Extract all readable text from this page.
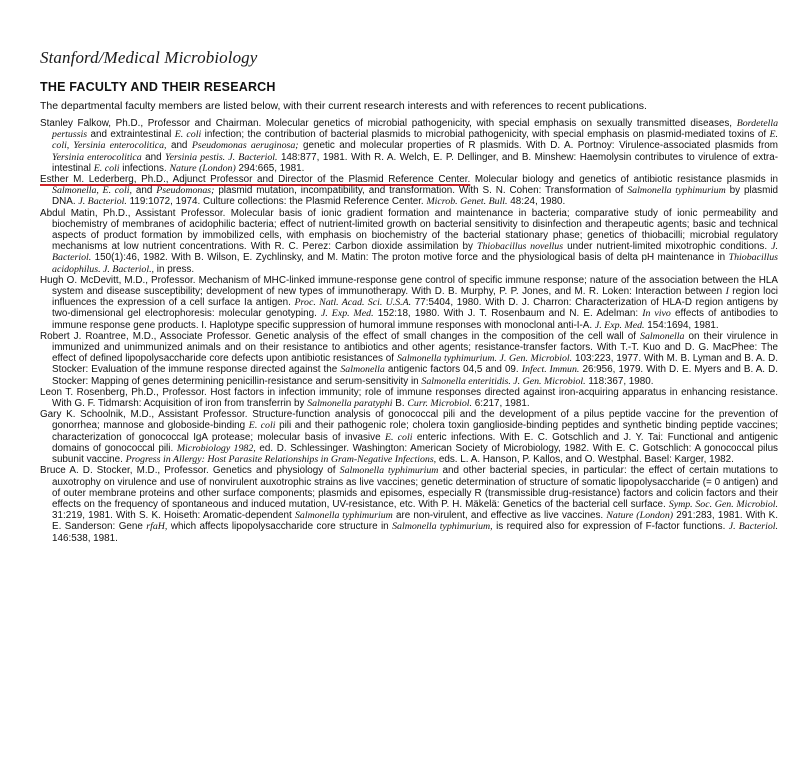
Stanford/Medical Microbiology
THE FACULTY AND THEIR RESEARCH
The departmental faculty members are listed below, with their current research interests and with references to recent publications.

Stanley Falkow, Ph.D., Professor and Chairman. Molecular genetics of microbial pathogenicity, with special emphasis on sexually transmitted diseases, Bordetella pertussis and extraintestinal E. coli infection; the contribution of bacterial plasmids to microbial pathogenicity, with special emphasis on plasmid-mediated toxins of E. coli, Yersinia enterocolitica, and Pseudomonas aeruginosa; genetic and molecular properties of R plasmids. With D. A. Portnoy: Virulence-associated plasmids from Yersinia enterocolitica and Yersinia pestis. J. Bacteriol. 148:877, 1981. With R. A. Welch, E. P. Dellinger, and B. Minshew: Haemolysin contributes to virulence of extra-intestinal E. coli infections. Nature (London) 294:665, 1981.

Esther M. Lederberg, Ph.D., Adjunct Professor and Director of the Plasmid Reference Center. Molecular biology and genetics of antibiotic resistance plasmids in Salmonella, E. coli, and Pseudomonas; plasmid mutation, incompatibility, and transformation. With S. N. Cohen: Transformation of Salmonella typhimurium by plasmid DNA. J. Bacteriol. 119:1072, 1974. Culture collections: the Plasmid Reference Center. Microb. Genet. Bull. 48:24, 1980.

Abdul Matin, Ph.D., Assistant Professor. Molecular basis of ionic gradient formation and maintenance in bacteria; comparative study of ionic permeability and biochemistry of membranes of acidophilic bacteria; effect of nutrient-limited growth on bacterial sensitivity to disinfection and therapeutic agents; basic and technical aspects of product formation by immobilized cells, with emphasis on biochemistry of the bacterial stationary phase; genetics of thiobacilli; microbial regulatory mechanisms at low nutrient concentrations. With R. C. Perez: Carbon dioxide assimilation by Thiobacillus novellus under nutrient-limited mixotrophic conditions. J. Bacteriol. 150(1):46, 1982. With B. Wilson, E. Zychlinsky, and M. Matin: The proton motive force and the physiological basis of delta pH maintenance in Thiobacillus acidophilus. J. Bacteriol., in press.

Hugh O. McDevitt, M.D., Professor. Mechanism of MHC-linked immune-response gene control of specific immune response; nature of the association between the HLA system and disease susceptibility; development of new types of immunotherapy. With D. B. Murphy, P. P. Jones, and M. R. Loken: Interaction between I region loci influences the expression of a cell surface Ia antigen. Proc. Natl. Acad. Sci. U.S.A. 77:5404, 1980. With D. J. Charron: Characterization of HLA-D region antigens by two-dimensional gel electrophoresis: molecular genotyping. J. Exp. Med. 152:18, 1980. With J. T. Rosenbaum and N. E. Adelman: In vivo effects of antibodies to immune response gene products. I. Haplotype specific suppression of humoral immune responses with monoclonal anti-I-A. J. Exp. Med. 154:1694, 1981.

Robert J. Roantree, M.D., Associate Professor. Genetic analysis of the effect of small changes in the composition of the cell wall of Salmonella on their virulence in immunized and unimmunized animals and on their resistance to antibiotics and other agents; resistance-transfer factors. With T.-T. Kuo and D. G. MacPhee: The effect of defined lipopolysaccharide core defects upon antibiotic resistances of Salmonella typhimurium. J. Gen. Microbiol. 103:223, 1977. With M. B. Lyman and B. A. D. Stocker: Evaluation of the immune response directed against the Salmonella antigenic factors 04,5 and 09. Infect. Immun. 26:956, 1979. With D. E. Myers and B. A. D. Stocker: Mapping of genes determining penicillin-resistance and serum-sensitivity in Salmonella enteritidis. J. Gen. Microbiol. 118:367, 1980.

Leon T. Rosenberg, Ph.D., Professor. Host factors in infection immunity; role of immune responses directed against iron-acquiring apparatus in enhancing resistance. With G. F. Tidmarsh: Acquisition of iron from transferrin by Salmonella paratyphi B. Curr. Microbiol. 6:217, 1981.

Gary K. Schoolnik, M.D., Assistant Professor. Structure-function analysis of gonococcal pili and the development of a pilus peptide vaccine for the prevention of gonorrhea; mannose and globoside-binding E. coli pili and their pathogenic role; cholera toxin ganglioside-binding peptides and synthetic binding peptide vaccines; characterization of gonococcal IgA protease; molecular basis of invasive E. coli enteric infections. With E. C. Gotschlich and J. Y. Tai: Functional and antigenic domains of gonococcal pili. Microbiology 1982, ed. D. Schlessinger. Washington: American Society of Microbiology, 1982. With E. C. Gotschlich: A gonococcal pilus subunit vaccine. Progress in Allergy: Host Parasite Relationships in Gram-Negative Infections, eds. L. A. Hanson, P. Kallos, and O. Westphal. Basel: Karger, 1982.

Bruce A. D. Stocker, M.D., Professor. Genetics and physiology of Salmonella typhimurium and other bacterial species, in particular: the effect of certain mutations to auxotrophy on virulence and use of nonvirulent auxotrophic strains as live vaccines; genetic determination of structure of somatic lipopolysaccharide (= 0 antigen) and of outer membrane proteins and other surface components; plasmids and episomes, especially R (transmissible drug-resistance) factors and colicin factors and their effects on the frequency of spontaneous and induced mutation, UV-resistance, etc. With P. H. Mäkelä: Genetics of the bacterial cell surface. Symp. Soc. Gen. Microbiol. 31:219, 1981. With S. K. Hoiseth: Aromatic-dependent Salmonella typhimurium are non-virulent, and effective as live vaccines. Nature (London) 291:283, 1981. With K. E. Sanderson: Gene rfaH, which affects lipopolysaccharide core structure in Salmonella typhimurium, is required also for expression of F-factor functions. J. Bacteriol. 146:538, 1981.
